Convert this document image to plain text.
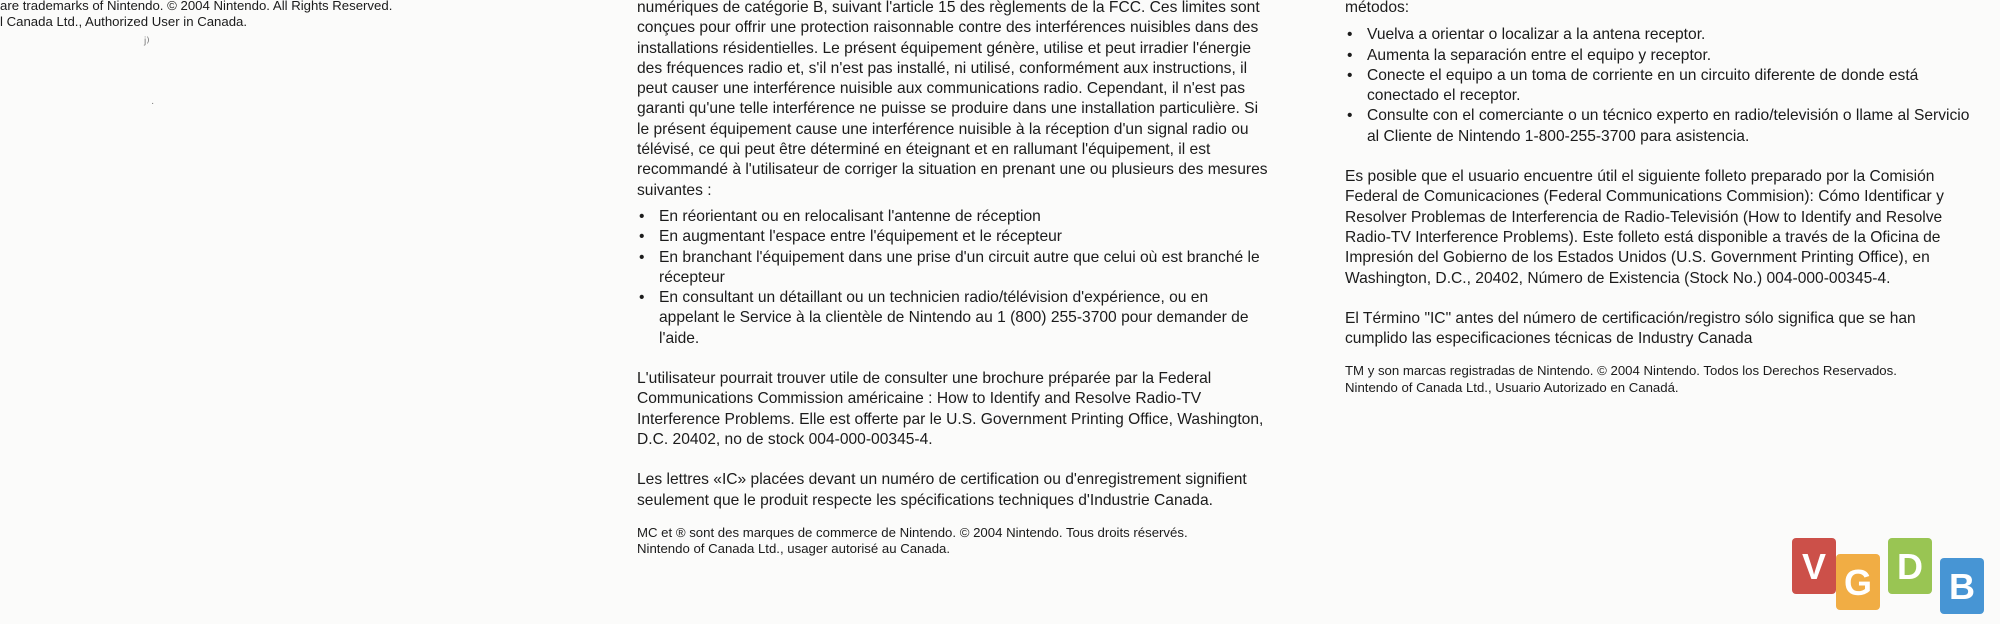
are trademarks of Nintendo. © 2004 Nintendo. All Rights Reserved.

l Canada Ltd., Authorized User in Canada.

ʲ⁾
·

numériques de catégorie B, suivant l'article 15 des règlements de la FCC. Ces limites sont conçues pour offrir une protection raisonnable contre des interférences nuisibles dans des installations résidentielles. Le présent équipement génère, utilise et peut irradier l'énergie des fréquences radio et, s'il n'est pas installé, ni utilisé, conformément aux instructions, il peut causer une interférence nuisible aux communications radio. Cependant, il n'est pas garanti qu'une telle interférence ne puisse se produire dans une installation particulière. Si le présent équipement cause une interférence nuisible à la réception d'un signal radio ou télévisé, ce qui peut être déterminé en éteignant et en rallumant l'équipement, il est recommandé à l'utilisateur de corriger la situation en prenant une ou plusieurs des mesures suivantes :

• En réorientant ou en relocalisant l'antenne de réception
• En augmentant l'espace entre l'équipement et le récepteur
• En branchant l'équipement dans une prise d'un circuit autre que celui où est branché le récepteur
• En consultant un détaillant ou un technicien radio/télévision d'expérience, ou en appelant le Service à la clientèle de Nintendo au 1 (800) 255-3700 pour demander de l'aide.

L'utilisateur pourrait trouver utile de consulter une brochure préparée par la Federal Communications Commission américaine : How to Identify and Resolve Radio-TV Interference Problems. Elle est offerte par le U.S. Government Printing Office, Washington, D.C. 20402, no de stock 004-000-00345-4.

Les lettres «IC» placées devant un numéro de certification ou d'enregistrement signifient seulement que le produit respecte les spécifications techniques d'Industrie Canada.

MC et ® sont des marques de commerce de Nintendo. © 2004 Nintendo. Tous droits réservés.

Nintendo of Canada Ltd., usager autorisé au Canada.

métodos:

• Vuelva a orientar o localizar a la antena receptor.
• Aumenta la separación entre el equipo y receptor.
• Conecte el equipo a un toma de corriente en un circuito diferente de donde está conectado el receptor.
• Consulte con el comerciante o un técnico experto en radio/televisión o llame al Servicio al Cliente de Nintendo 1-800-255-3700 para asistencia.

Es posible que el usuario encuentre útil el siguiente folleto preparado por la Comisión Federal de Comunicaciones (Federal Communications Commision): Cómo Identificar y Resolver Problemas de Interferencia de Radio-Televisión (How to Identify and Resolve Radio-TV Interference Problems). Este folleto está disponible a través de la Oficina de Impresión del Gobierno de los Estados Unidos (U.S. Government Printing Office), en Washington, D.C., 20402, Número de Existencia (Stock No.) 004-000-00345-4.

El Término "IC" antes del número de certificación/registro sólo significa que se han cumplido las especificaciones técnicas de Industry Canada

TM y son marcas registradas de Nintendo. © 2004 Nintendo. Todos los Derechos Reservados.

Nintendo of Canada Ltd., Usuario Autorizado en Canadá.

V G D B
